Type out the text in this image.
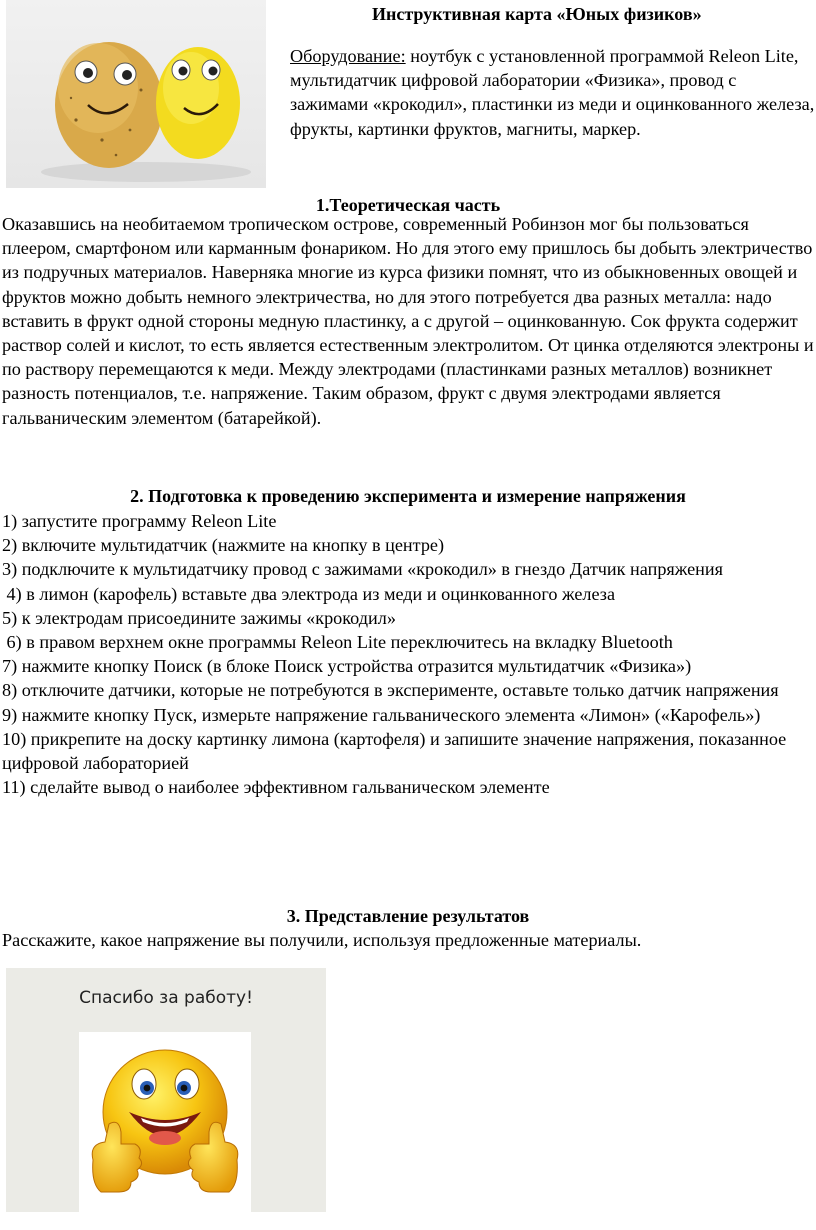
Инструктивная карта «Юных физиков»

Оборудование: ноутбук с установленной программой Releon Lite, мультидатчик цифровой лаборатории «Физика», провод с зажимами «крокодил», пластинки из меди и оцинкованного железа, фрукты, картинки фруктов, магниты, маркер.

1.Теоретическая часть

Оказавшись на необитаемом тропическом острове, современный Робинзон мог бы пользоваться плеером, смартфоном или карманным фонариком. Но для этого ему пришлось бы добыть электричество из подручных материалов. Наверняка многие из курса физики помнят, что из обыкновенных овощей и фруктов можно добыть немного электричества, но для этого потребуется два разных металла: надо вставить в фрукт одной стороны медную пластинку, а с другой – оцинкованную. Сок фрукта содержит раствор солей и кислот, то есть является естественным электролитом. От цинка отделяются электроны и по раствору перемещаются к меди. Между электродами (пластинками разных металлов) возникнет разность потенциалов, т.е. напряжение. Таким образом, фрукт с двумя электродами является гальваническим элементом (батарейкой).

2. Подготовка к проведению эксперимента и измерение напряжения

1) запустите программу Releon Lite
2) включите мультидатчик (нажмите на кнопку в центре)
3) подключите к мультидатчику провод с зажимами «крокодил» в гнездо Датчик напряжения
4) в лимон (карофель) вставьте два электрода из меди и оцинкованного железа
5) к электродам присоедините зажимы «крокодил»
6) в правом верхнем окне программы Releon Lite переключитесь на вкладку Bluetooth
7) нажмите кнопку Поиск (в блоке Поиск устройства отразится мультидатчик «Физика»)
8) отключите датчики, которые не потребуются в эксперименте, оставьте только датчик напряжения
9) нажмите кнопку Пуск, измерьте напряжение гальванического элемента «Лимон» («Карофель»)
10) прикрепите на доску картинку лимона (картофеля) и запишите значение напряжения, показанное цифровой лабораторией
11) сделайте вывод о наиболее эффективном гальваническом элементе

3. Представление результатов

Расскажите, какое напряжение вы получили, используя предложенные материалы.

Спасибо за работу!
